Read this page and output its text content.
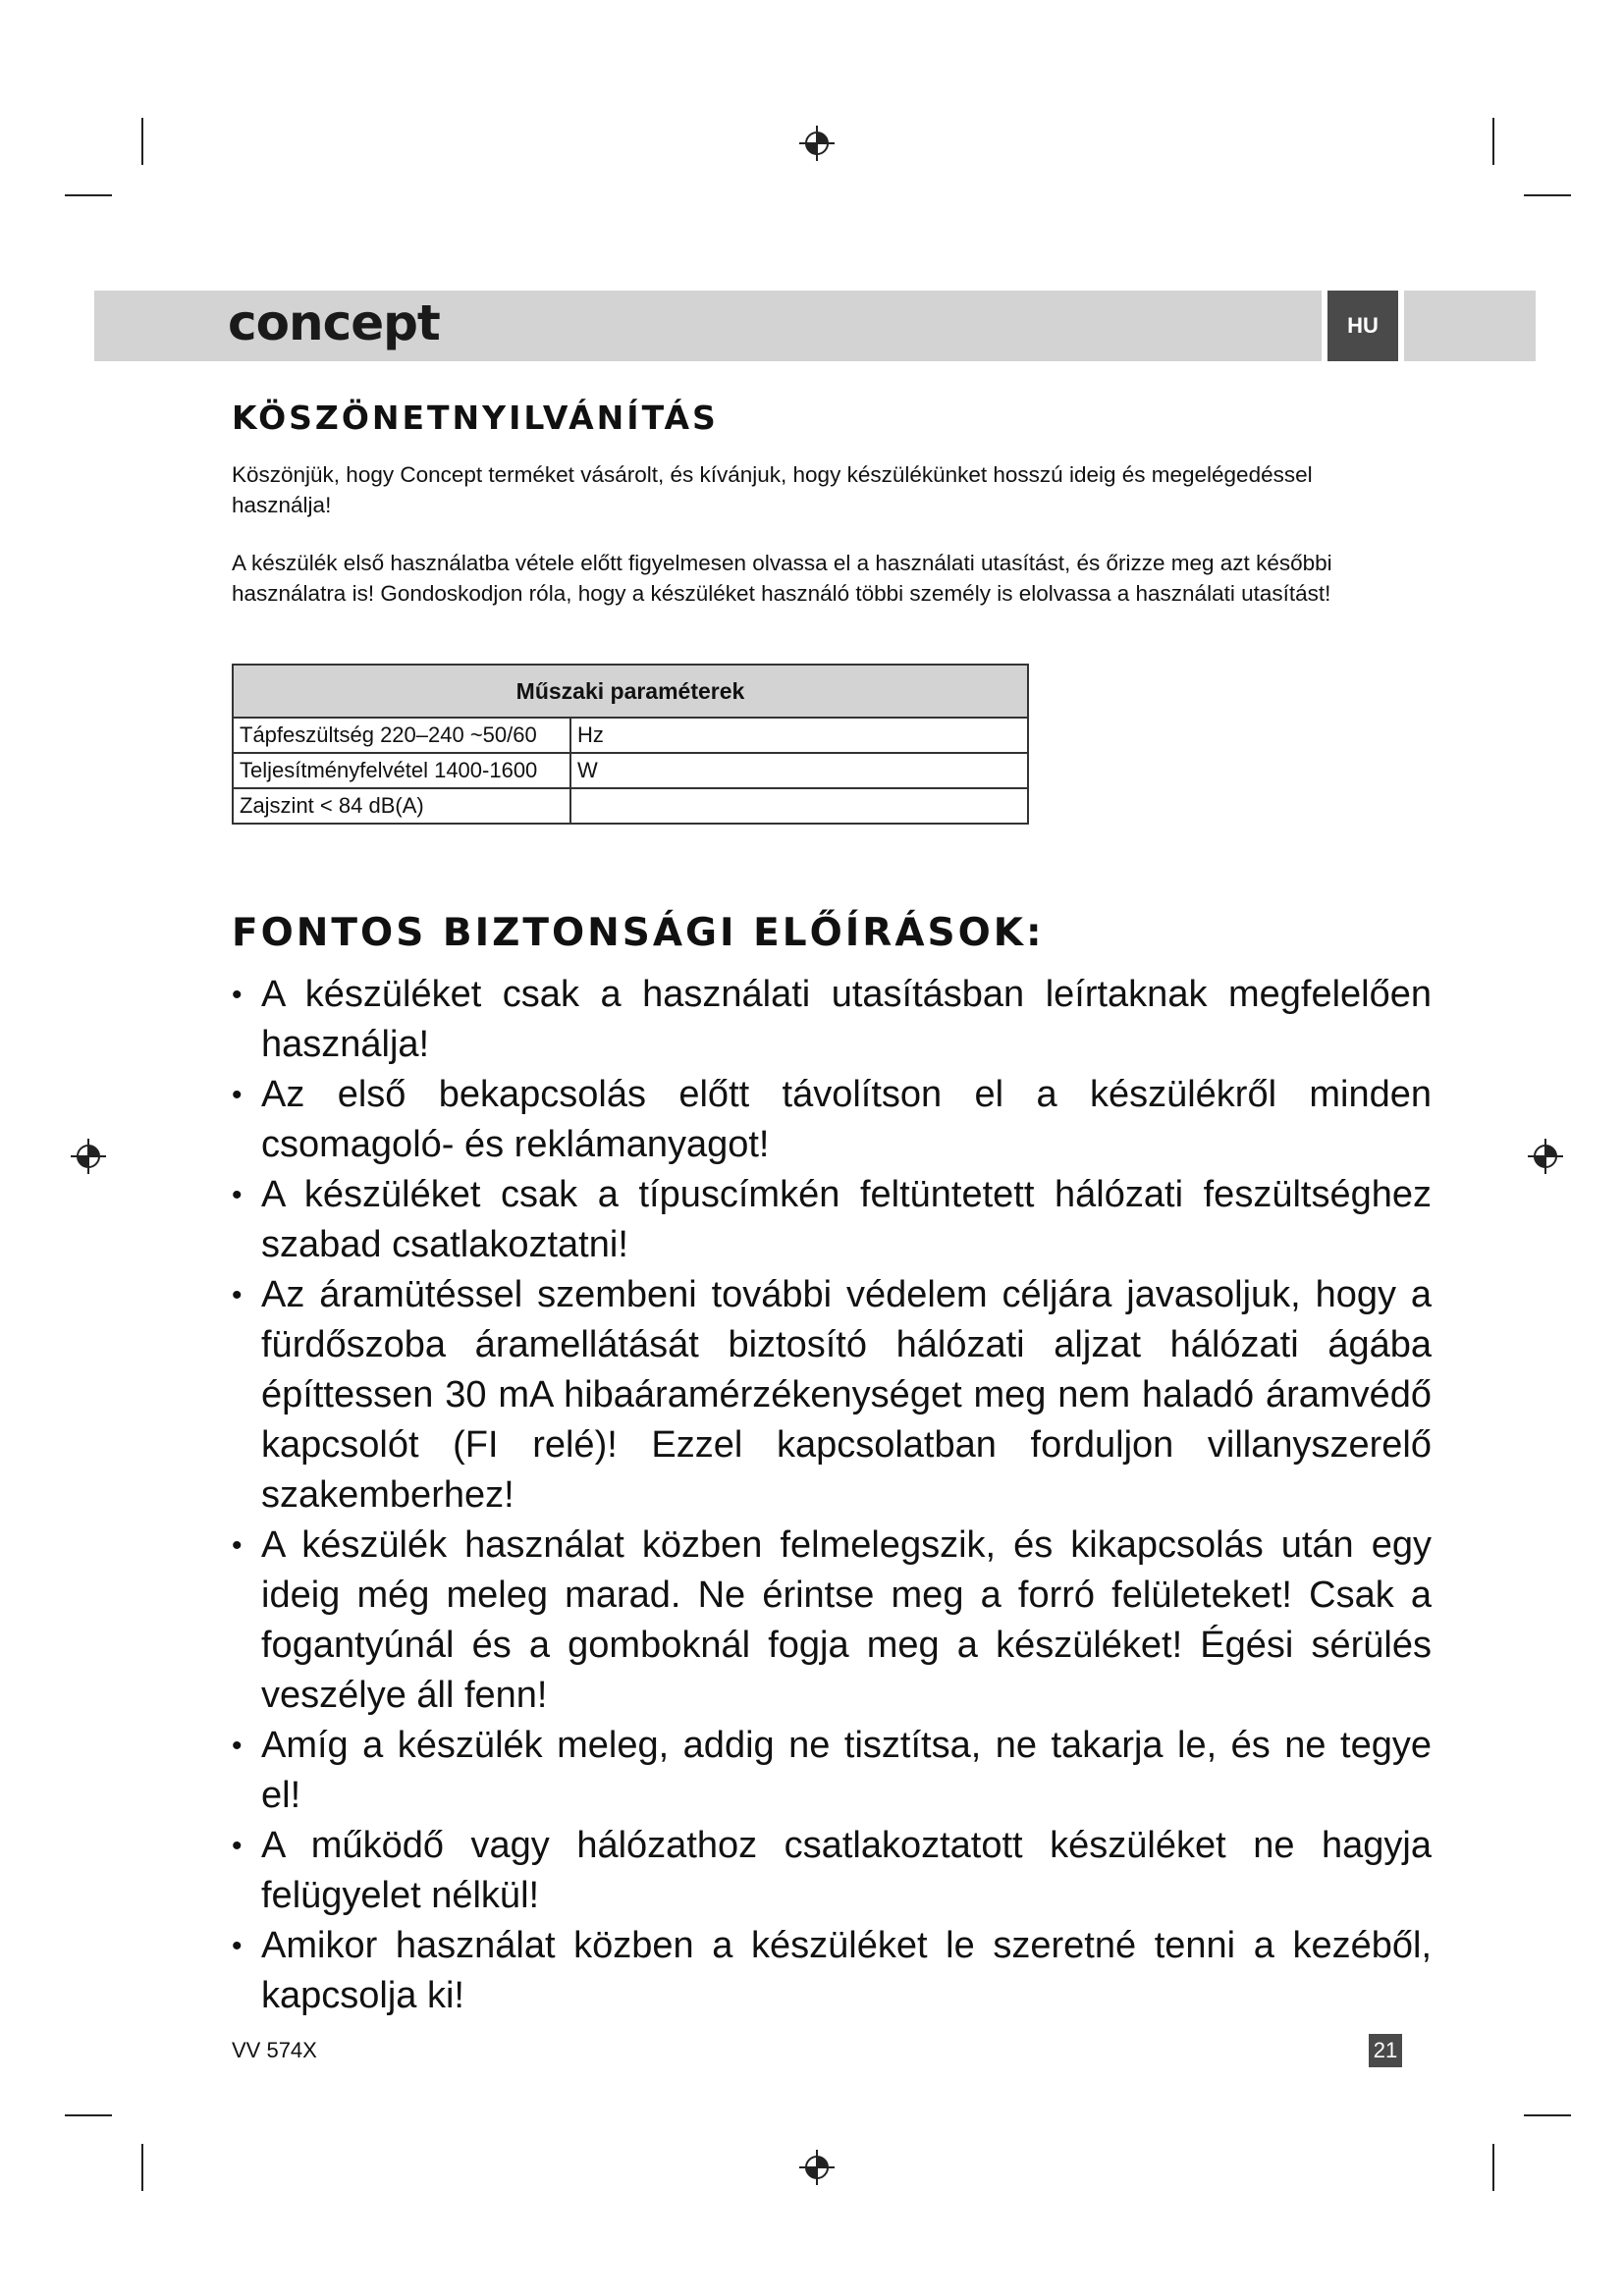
concept	HU
KÖSZÖNETNYILVÁNÍTÁS
Köszönjük, hogy Concept terméket vásárolt, és kívánjuk, hogy készülékünket hosszú ideig és megelégedéssel használja!
A készülék első használatba vétele előtt figyelmesen olvassa el a használati utasítást, és őrizze meg azt későbbi használatra is! Gondoskodjon róla, hogy a készüléket használó többi személy is elolvassa a használati utasítást!
Műszaki paraméterek	
Tápfeszültség 220–240 ~50/60	Hz
Teljesítményfelvétel 1400-1600	W
Zajszint < 84 dB(A)	
FONTOS BIZTONSÁGI ELŐÍRÁSOK:
• A készüléket csak a használati utasításban leírtaknak megfelelően használja!
• Az első bekapcsolás előtt távolítson el a készülékről minden csomagoló- és reklámanyagot!
• A készüléket csak a típuscímkén feltüntetett hálózati feszültséghez szabad csatlakoztatni!
• Az áramütéssel szembeni további védelem céljára javasoljuk, hogy a fürdőszoba áramellátását biztosító hálózati aljzat hálózati ágába építtessen 30 mA hibaáramérzékenységet meg nem haladó áramvédő kapcsolót (FI relé)! Ezzel kapcsolatban forduljon villanyszerelő szakemberhez!
• A készülék használat közben felmelegszik, és kikapcsolás után egy ideig még meleg marad. Ne érintse meg a forró felületeket! Csak a fogantyúnál és a gomboknál fogja meg a készüléket! Égési sérülés veszélye áll fenn!
• Amíg a készülék meleg, addig ne tisztítsa, ne takarja le, és ne tegye el!
• A működő vagy hálózathoz csatlakoztatott készüléket ne hagyja felügyelet nélkül!
• Amikor használat közben a készüléket le szeretné tenni a kezéből, kapcsolja ki!
VV 574X	21
